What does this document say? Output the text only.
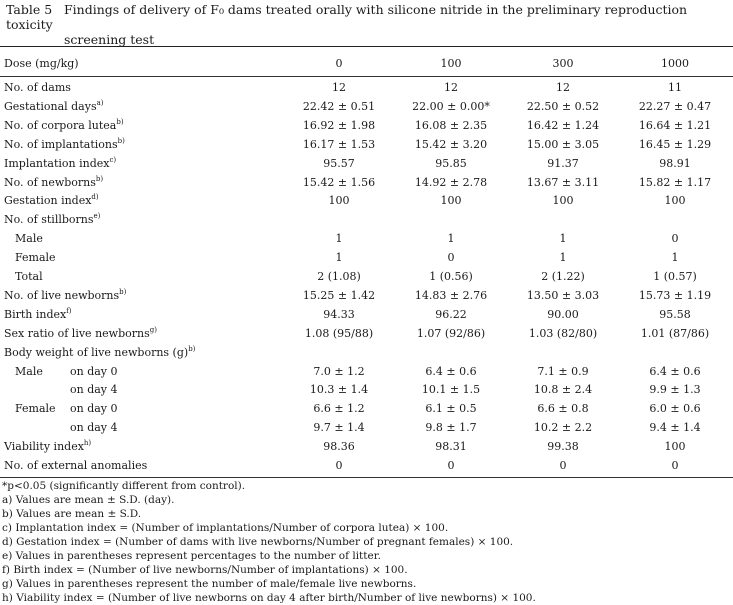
Table 5 Findings of delivery of F₀ dams treated orally with silicone nitride in the preliminary reproduction toxicity
screening test
Dose (mg/kg)	0	100	300	1000
No. of dams	12	12	12	11
Gestational days$^{a)}$	22.42 ± 0.51	22.00 ± 0.00*	22.50 ± 0.52	22.27 ± 0.47
No. of corpora lutea$^{b)}$	16.92 ± 1.98	16.08 ± 2.35	16.42 ± 1.24	16.64 ± 1.21
No. of implantations$^{b)}$	16.17 ± 1.53	15.42 ± 3.20	15.00 ± 3.05	16.45 ± 1.29
Implantation index$^{c)}$	95.57	95.85	91.37	98.91
No. of newborns$^{b)}$	15.42 ± 1.56	14.92 ± 2.78	13.67 ± 3.11	15.82 ± 1.17
Gestation index$^{d)}$	100	100	100	100
No. of stillborns$^{e)}$
Male	1	1	1	0
Female	1	0	1	1
Total	2 (1.08)	1 (0.56)	2 (1.22)	1 (0.57)
No. of live newborns$^{b)}$	15.25 ± 1.42	14.83 ± 2.76	13.50 ± 3.03	15.73 ± 1.19
Birth index$^{f)}$	94.33	96.22	90.00	95.58
Sex ratio of live newborns$^{g)}$	1.08 (95/88)	1.07 (92/86)	1.03 (82/80)	1.01 (87/86)
Body weight of live newborns $(g)^{b)}$
Male on day 0	7.0 ± 1.2	6.4 ± 0.6	7.1 ± 0.9	6.4 ± 0.6
on day 4	10.3 ± 1.4	10.1 ± 1.5	10.8 ± 2.4	9.9 ± 1.3
Female on day 0	6.6 ± 1.2	6.1 ± 0.5	6.6 ± 0.8	6.0 ± 0.6
on day 4	9.7 ± 1.4	9.8 ± 1.7	10.2 ± 2.2	9.4 ± 1.4
Viability index$^{h)}$	98.36	98.31	99.38	100
No. of external anomalies	0	0	0	0
*p<0.05 (significantly different from control).
a) Values are mean ± S.D. (day).
b) Values are mean ± S.D.
c) Implantation index = (Number of implantations/Number of corpora lutea) × 100.
d) Gestation index = (Number of dams with live newborns/Number of pregnant females) × 100.
e) Values in parentheses represent percentages to the number of litter.
f) Birth index = (Number of live newborns/Number of implantations) × 100.
g) Values in parentheses represent the number of male/female live newborns.
h) Viability index = (Number of live newborns on day 4 after birth/Number of live newborns) × 100.
